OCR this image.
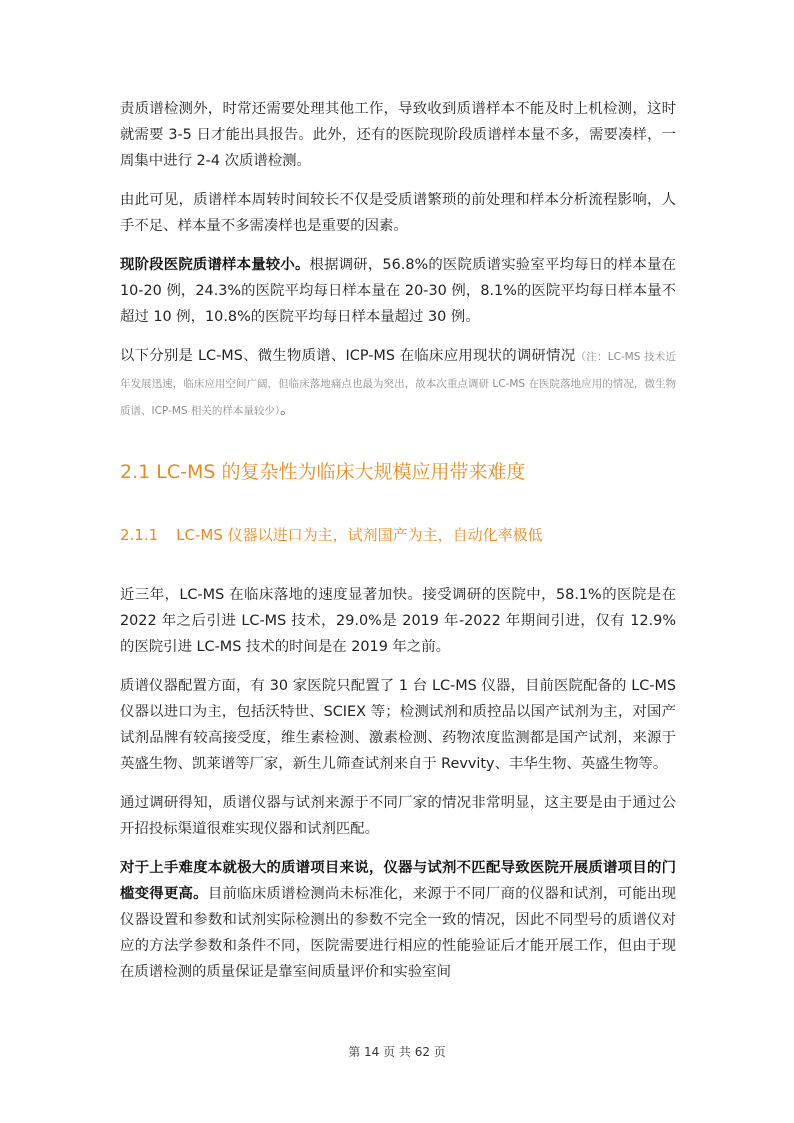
责质谱检测外，时常还需要处理其他工作，导致收到质谱样本不能及时上机检测，这时就需要 3-5 日才能出具报告。此外，还有的医院现阶段质谱样本量不多，需要凑样，一周集中进行 2-4 次质谱检测。

由此可见，质谱样本周转时间较长不仅是受质谱繁琐的前处理和样本分析流程影响，人手不足、样本量不多需凑样也是重要的因素。

现阶段医院质谱样本量较小。根据调研，56.8%的医院质谱实验室平均每日的样本量在 10-20 例，24.3%的医院平均每日样本量在 20-30 例，8.1%的医院平均每日样本量不超过 10 例，10.8%的医院平均每日样本量超过 30 例。

以下分别是 LC-MS、微生物质谱、ICP-MS 在临床应用现状的调研情况（注：LC-MS 技术近年发展迅速，临床应用空间广阔，但临床落地痛点也最为突出，故本次重点调研 LC-MS 在医院落地应用的情况，微生物质谱、ICP-MS 相关的样本量较少）。

2.1 LC-MS 的复杂性为临床大规模应用带来难度
2.1.1 LC-MS 仪器以进口为主，试剂国产为主，自动化率极低

近三年，LC-MS 在临床落地的速度显著加快。接受调研的医院中，58.1%的医院是在 2022 年之后引进 LC-MS 技术，29.0%是 2019 年-2022 年期间引进，仅有 12.9%的医院引进 LC-MS 技术的时间是在 2019 年之前。

质谱仪器配置方面，有 30 家医院只配置了 1 台 LC-MS 仪器，目前医院配备的 LC-MS 仪器以进口为主，包括沃特世、SCIEX 等；检测试剂和质控品以国产试剂为主，对国产试剂品牌有较高接受度，维生素检测、激素检测、药物浓度监测都是国产试剂，来源于英盛生物、凯莱谱等厂家，新生儿筛查试剂来自于 Revvity、丰华生物、英盛生物等。

通过调研得知，质谱仪器与试剂来源于不同厂家的情况非常明显，这主要是由于通过公开招投标渠道很难实现仪器和试剂匹配。

对于上手难度本就极大的质谱项目来说，仪器与试剂不匹配导致医院开展质谱项目的门槛变得更高。目前临床质谱检测尚未标准化，来源于不同厂商的仪器和试剂，可能出现仪器设置和参数和试剂实际检测出的参数不完全一致的情况，因此不同型号的质谱仪对应的方法学参数和条件不同，医院需要进行相应的性能验证后才能开展工作，但由于现在质谱检测的质量保证是靠室间质量评价和实验室间

第 14 页 共 62 页
